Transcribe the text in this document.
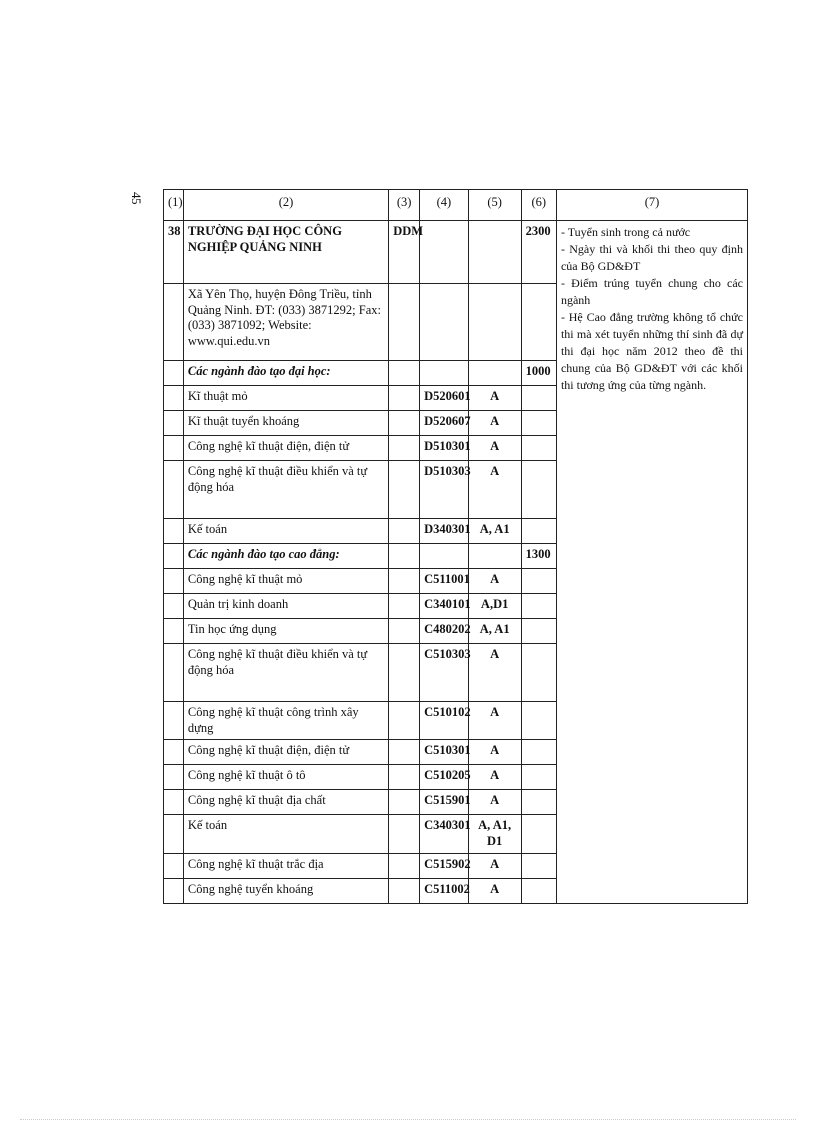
45 (1)	(2)	(3)	(4)	(5)	(6)	(7)
38	TRƯỜNG ĐẠI HỌC CÔNG NGHIỆP QUẢNG NINH	DDM			2300	- Tuyển sinh trong cả nước
- Ngày thi và khối thi theo quy định của Bộ GD&ĐT
- Điểm trúng tuyển chung cho các ngành
- Hệ Cao đẳng trường không tổ chức thi mà xét tuyển những thí sinh đã dự thi đại học năm 2012 theo đề thi chung của Bộ GD&ĐT với các khối thi tương ứng của từng ngành.

	Xã Yên Thọ, huyện Đông Triều, tỉnh Quảng Ninh. ĐT: (033) 3871292; Fax: (033) 3871092; Website: www.qui.edu.vn					
	Các ngành đào tạo đại học:				1000	
	Kĩ thuật mỏ		D520601	A		
	Kĩ thuật tuyển khoáng		D520607	A		
	Công nghệ kĩ thuật điện, điện tử		D510301	A		
	Công nghệ kĩ thuật điều khiển và tự động hóa		D510303	A		
	Kế toán		D340301	A, A1		
	Các ngành đào tạo cao đẳng:				1300	
	Công nghệ kĩ thuật mỏ		C511001	A		
	Quản trị kinh doanh		C340101	A,D1		
	Tin học ứng dụng		C480202	A, A1		
	Công nghệ kĩ thuật điều khiển và tự động hóa		C510303	A		
	Công nghệ kĩ thuật công trình xây dựng		C510102	A		
	Công nghệ kĩ thuật điện, điện tử		C510301	A		
	Công nghệ kĩ thuật ô tô		C510205	A		
	Công nghệ kĩ thuật địa chất		C515901	A		
	Kế toán		C340301	A, A1, D1		
	Công nghệ kĩ thuật trắc địa		C515902	A		
	Công nghệ tuyển khoáng		C511002	A		
